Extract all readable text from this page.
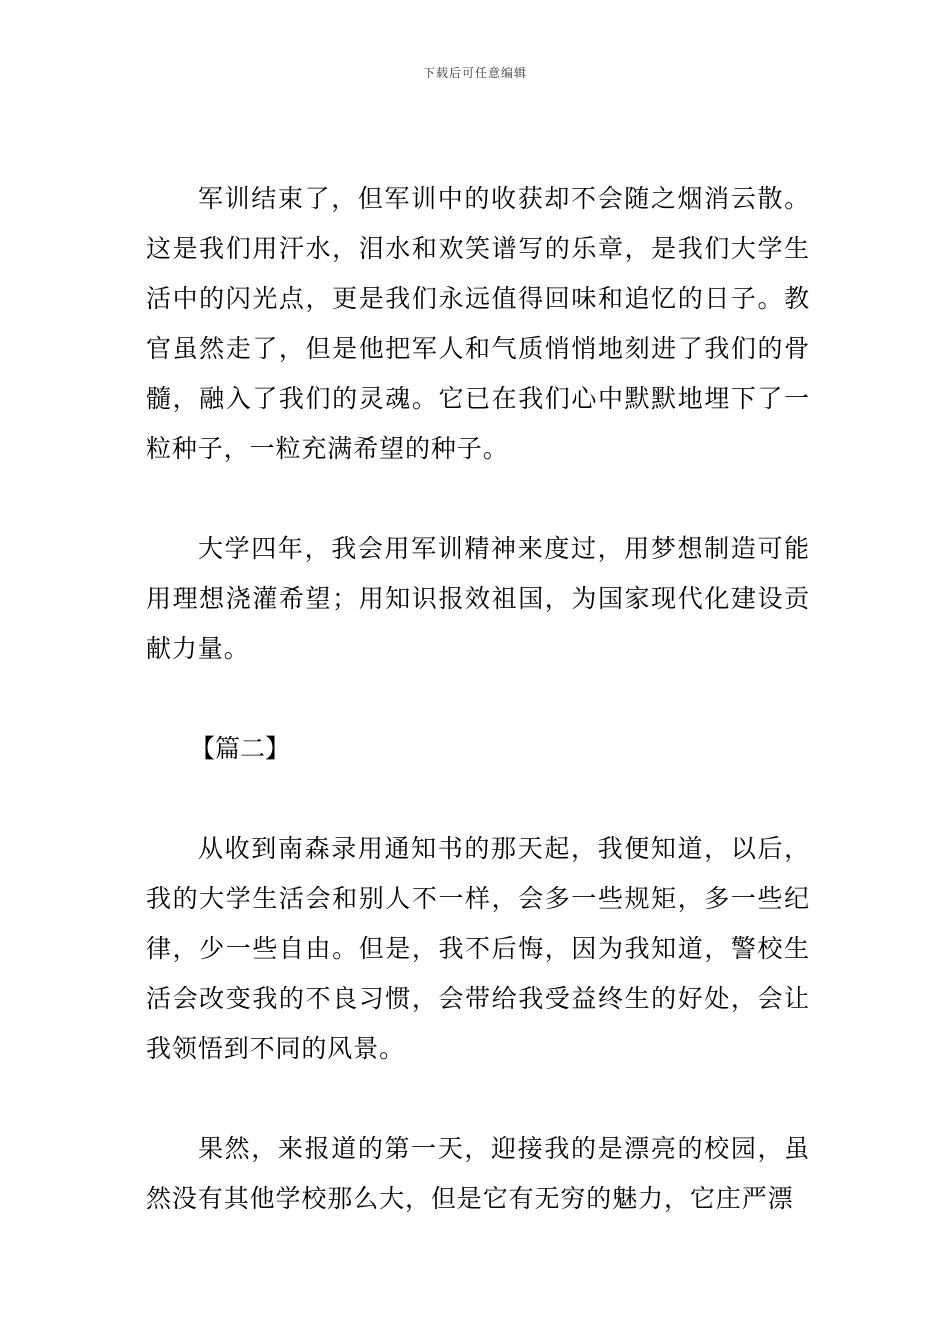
下载后可任意编辑

军训结束了，但军训中的收获却不会随之烟消云散。这是我们用汗水，泪水和欢笑谱写的乐章，是我们大学生活中的闪光点，更是我们永远值得回味和追忆的日子。教官虽然走了，但是他把军人和气质悄悄地刻进了我们的骨髓，融入了我们的灵魂。它已在我们心中默默地埋下了一粒种子，一粒充满希望的种子。

大学四年，我会用军训精神来度过，用梦想制造可能用理想浇灌希望；用知识报效祖国，为国家现代化建设贡献力量。

【篇二】

从收到南森录用通知书的那天起，我便知道，以后，我的大学生活会和别人不一样，会多一些规矩，多一些纪律，少一些自由。但是，我不后悔，因为我知道，警校生活会改变我的不良习惯，会带给我受益终生的好处，会让我领悟到不同的风景。

果然，来报道的第一天，迎接我的是漂亮的校园，虽然没有其他学校那么大，但是它有无穷的魅力，它庄严漂
